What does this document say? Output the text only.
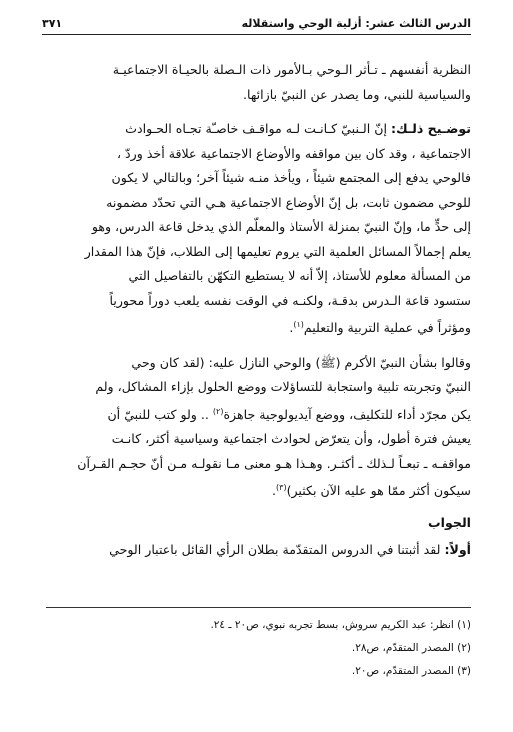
الدرس الثالث عشر: أزلية الوحي واستقلاله
٣٧١

النظرية أنفسهم ـ تـأثر الـوحي بـالأمور ذات الـصلة بالحيـاة الاجتماعيـة

والسياسية للنبي، وما يصدر عن النبيّ بازائها.

توضـيح ذلـك: إنّ الـنبيّ كـانـت لـه مواقـف خاصـّة تجـاه الحـوادث

الاجتماعية ، وقد كان بين مواقفه والأوضاع الاجتماعية علاقة أخذ وردّ ،

فالوحي يدفع إلى المجتمع شيئاً ، ويأخذ منـه شيئاً آخر؛ وبالتالي لا يكون

للوحي مضمون ثابت، بل إنّ الأوضاع الاجتماعية هـي التي تحدّد مضمونه

إلى حدٍّ ما، وإنّ النبيّ بمنزلة الأستاذ والمعلّم الذي يدخل قاعة الدرس، وهو

يعلم إجمالاً المسائل العلمية التي يروم تعليمها إلى الطلاب، فإنّ هذا المقدار

من المسألة معلوم للأستاذ، إلاّ أنه لا يستطيع التكهّن بالتفاصيل التي

ستسود قاعة الـدرس بدقـة، ولكنـه في الوقت نفسه يلعب دوراً محورياً

ومؤثراً في عملية التربية والتعليم$^{(١)}$.

وقالوا بشأن النبيّ الأكرم (ﷺ) والوحي النازل عليه: (لقد كان وحي

النبيّ وتجربته تلبية واستجابة للتساؤلات ووضع الحلول بإزاء المشاكل، ولم

يكن مجرّد أداء للتكليف، ووضع آيديولوجية جاهزة$^{(٢)}$ .. ولو كتب للنبيّ أن

يعيش فترة أطول، وأن يتعرّض لحوادث اجتماعية وسياسية أكثر، كانـت

مواقفـه ـ تبعـاً لـذلك ـ أكثـر. وهـذا هـو معنى مـا نقولـه مـن أنّ حجـم القـرآن

سيكون أكثر ممّا هو عليه الآن بكثير)$^{(٣)}$.

الجواب
أولاً: لقد أثبتنا في الدروس المتقدّمة بطلان الرأي القائل باعتبار الوحي
(١) انظر: عبد الكريم سروش، بسط تجربه نبوي، ص٢٠ ـ ٢٤.
(٢) المصدر المتقدّم، ص٢٨.
(٣) المصدر المتقدّم، ص٢٠.
